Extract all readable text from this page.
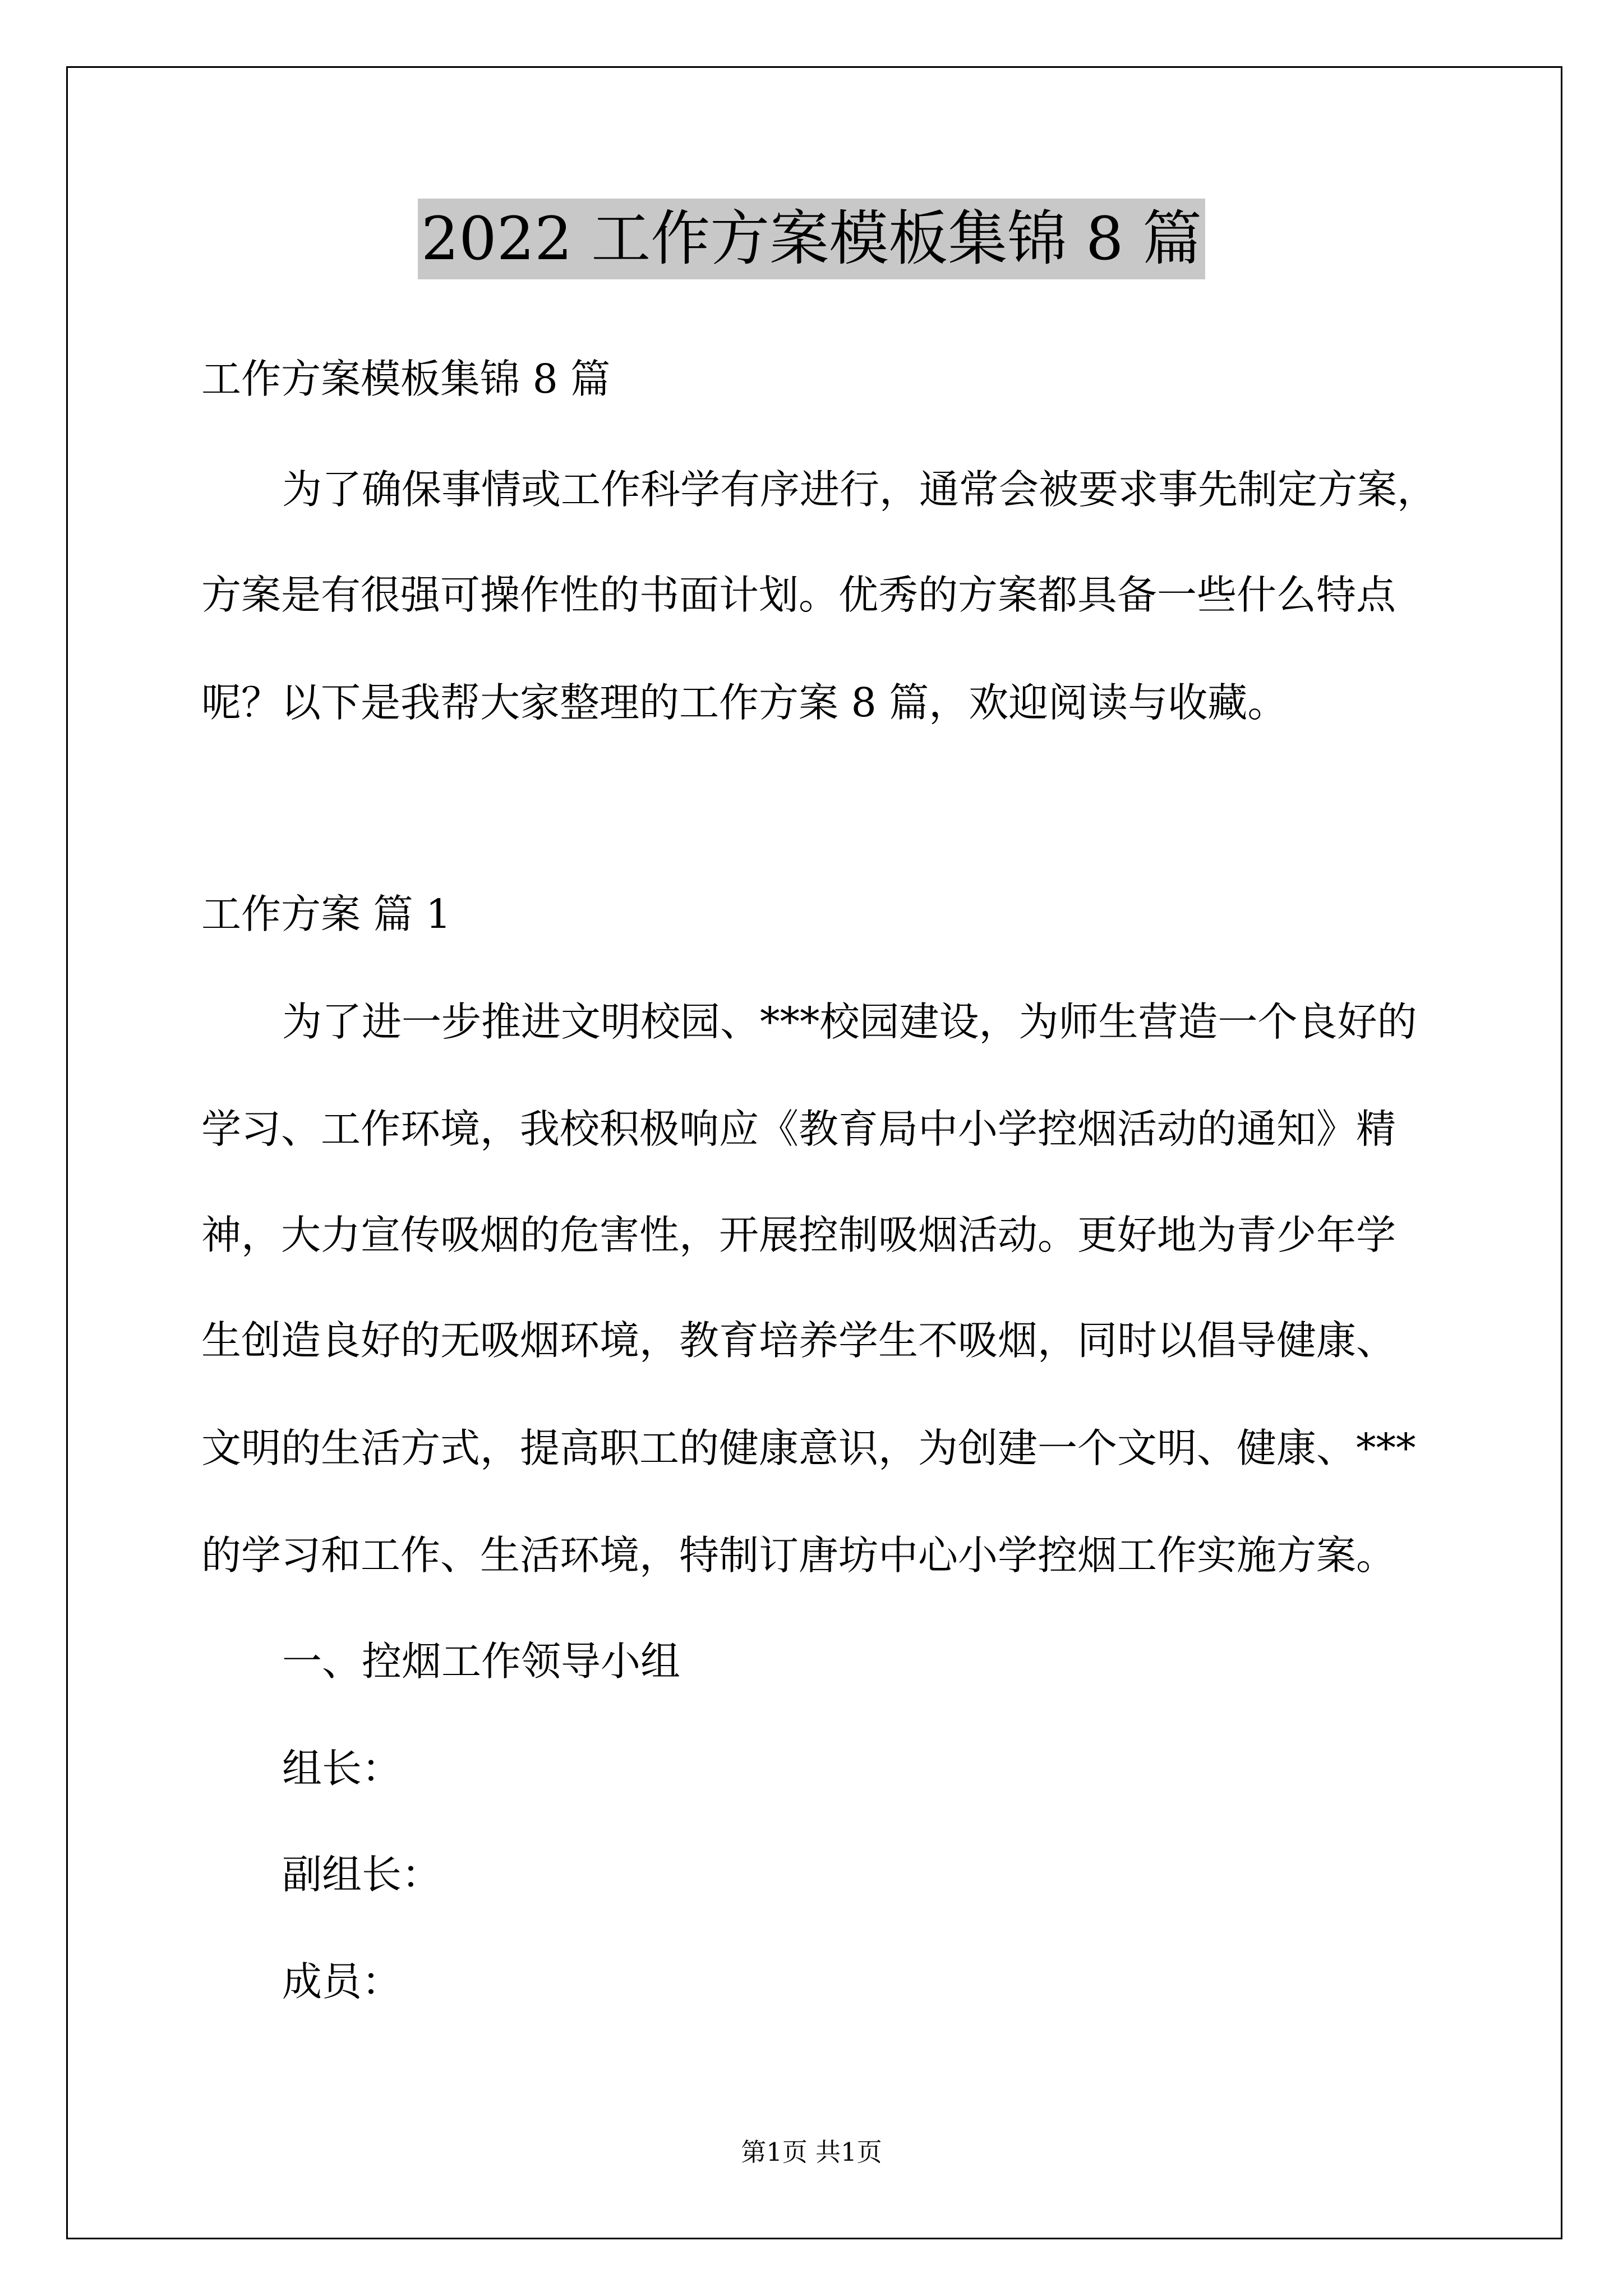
2022 工作方案模板集锦 8 篇
工作方案模板集锦 8 篇
为了确保事情或工作科学有序进行，通常会被要求事先制定方案，
方案是有很强可操作性的书面计划。优秀的方案都具备一些什么特点
呢？以下是我帮大家整理的工作方案 8 篇，欢迎阅读与收藏。
工作方案 篇 1
为了进一步推进文明校园、***校园建设，为师生营造一个良好的
学习、工作环境，我校积极响应《教育局中小学控烟活动的通知》精
神，大力宣传吸烟的危害性，开展控制吸烟活动。更好地为青少年学
生创造良好的无吸烟环境，教育培养学生不吸烟，同时以倡导健康、
文明的生活方式，提高职工的健康意识，为创建一个文明、健康、***
的学习和工作、生活环境，特制订唐坊中心小学控烟工作实施方案。
一、控烟工作领导小组
组长：
副组长：
成员：
第1页 共1页
